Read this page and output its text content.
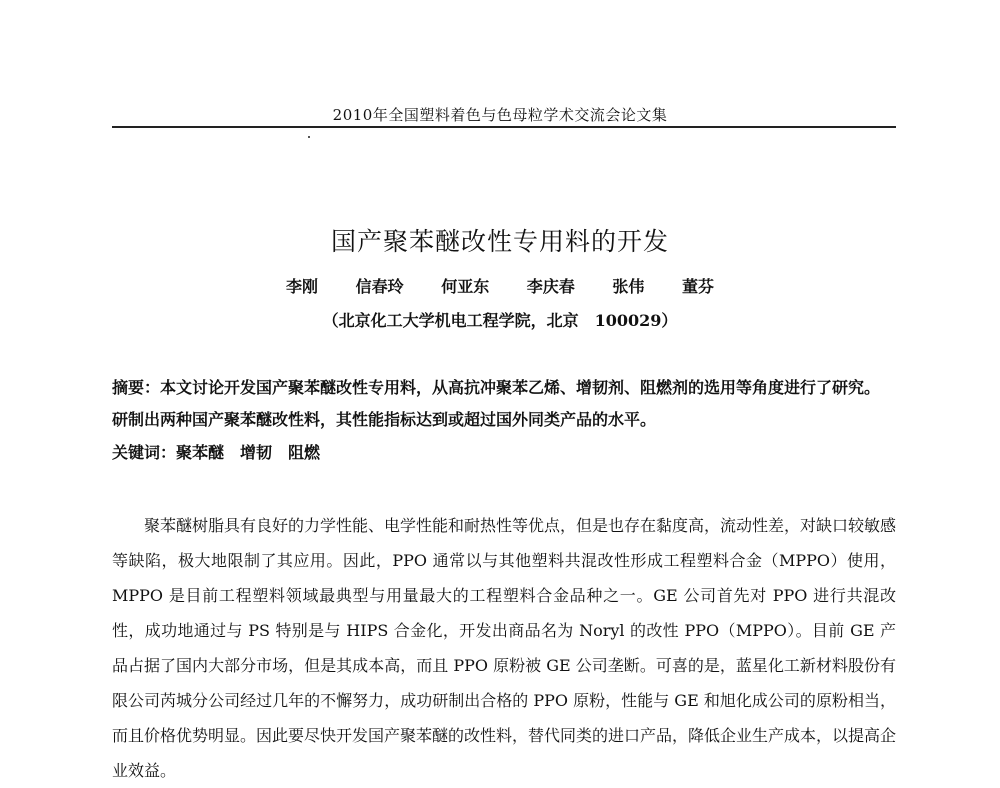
2010年全国塑料着色与色母粒学术交流会论文集
国产聚苯醚改性专用料的开发
李刚 信春玲 何亚东 李庆春 张伟 董芬
（北京化工大学机电工程学院，北京　100029）
摘要：本文讨论开发国产聚苯醚改性专用料，从高抗冲聚苯乙烯、增韧剂、阻燃剂的选用等角度进行了研究。研制出两种国产聚苯醚改性料，其性能指标达到或超过国外同类产品的水平。
关键词：聚苯醚 增韧 阻燃
聚苯醚树脂具有良好的力学性能、电学性能和耐热性等优点，但是也存在黏度高，流动性差，对缺口较敏感等缺陷，极大地限制了其应用。因此，PPO 通常以与其他塑料共混改性形成工程塑料合金（MPPO）使用，MPPO 是目前工程塑料领域最典型与用量最大的工程塑料合金品种之一。GE 公司首先对 PPO 进行共混改性，成功地通过与 PS 特别是与 HIPS 合金化，开发出商品名为 Noryl 的改性 PPO（MPPO）。目前 GE 产品占据了国内大部分市场，但是其成本高，而且 PPO 原粉被 GE 公司垄断。可喜的是，蓝星化工新材料股份有限公司芮城分公司经过几年的不懈努力，成功研制出合格的 PPO 原粉，性能与 GE 和旭化成公司的原粉相当，而且价格优势明显。因此要尽快开发国产聚苯醚的改性料，替代同类的进口产品，降低企业生产成本，以提高企业效益。
